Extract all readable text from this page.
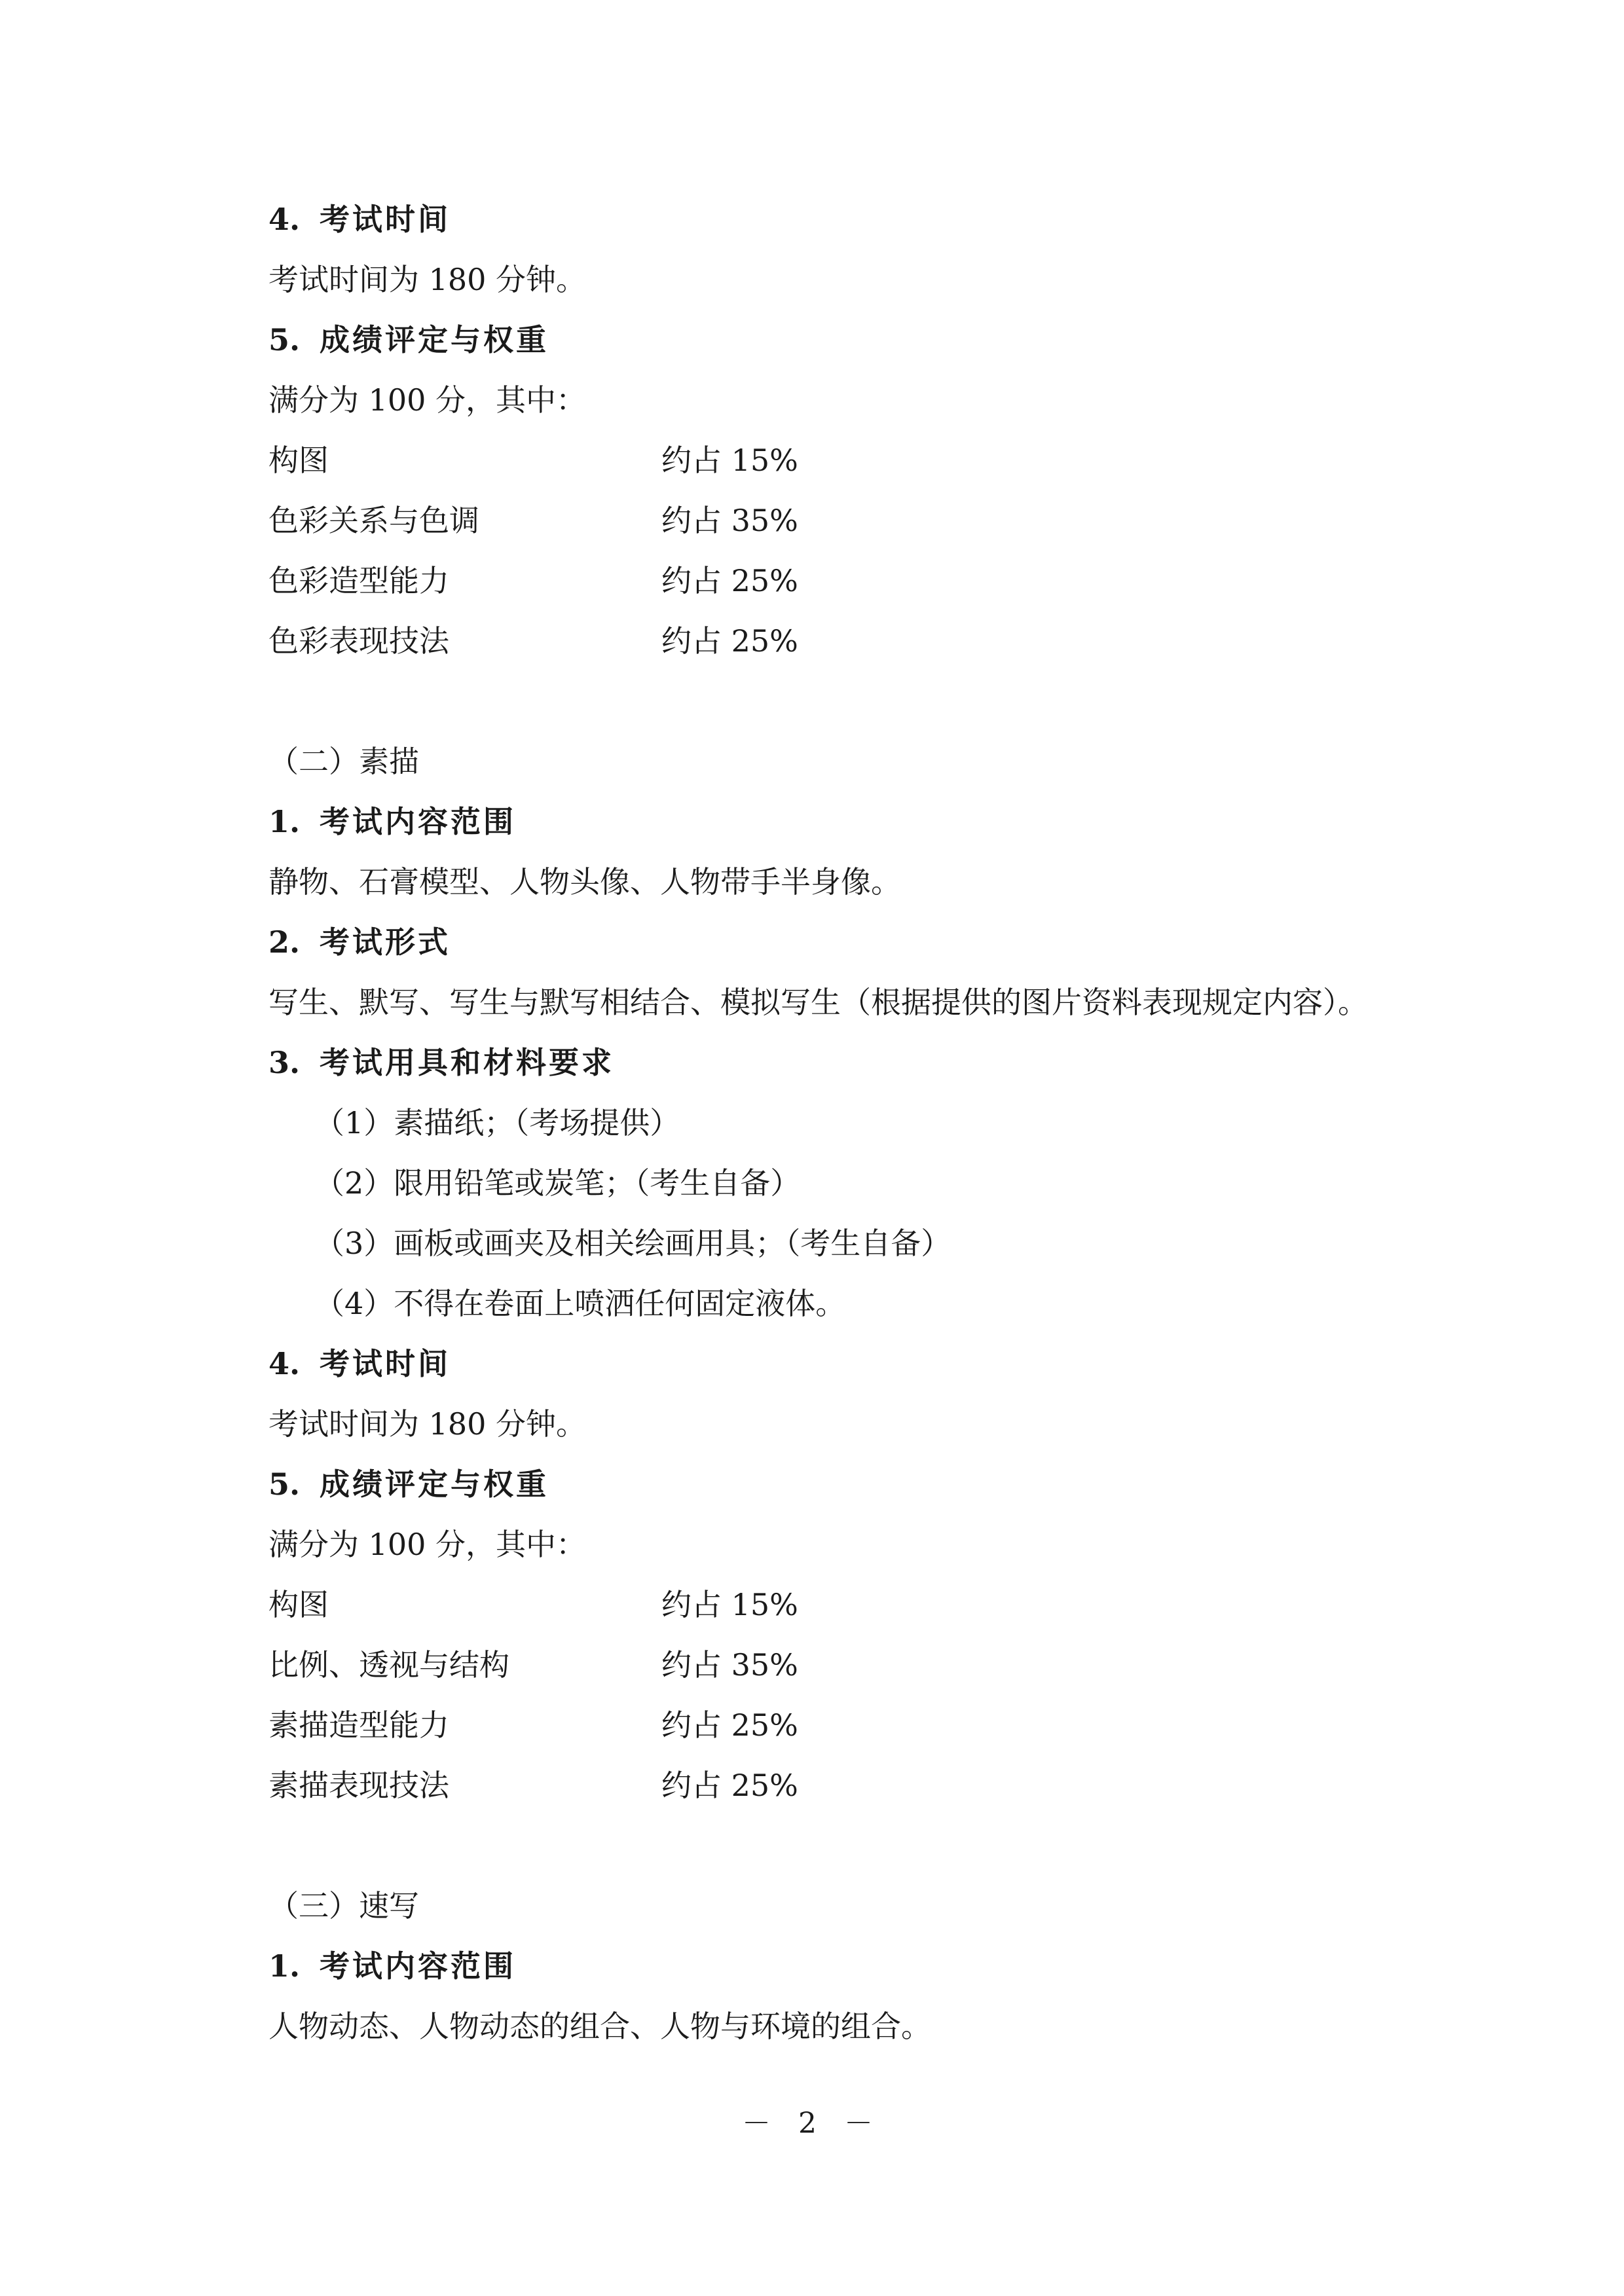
4. 考试时间

考试时间为 180 分钟。

5. 成绩评定与权重

满分为 100 分，其中：

构图	约占 15%
色彩关系与色调	约占 35%
色彩造型能力	约占 25%
色彩表现技法	约占 25%

（二）素描

1. 考试内容范围

静物、石膏模型、人物头像、人物带手半身像。

2. 考试形式

写生、默写、写生与默写相结合、模拟写生（根据提供的图片资料表现规定内容）。

3. 考试用具和材料要求

（1）素描纸；（考场提供）

（2）限用铅笔或炭笔；（考生自备）

（3）画板或画夹及相关绘画用具；（考生自备）

（4）不得在卷面上喷洒任何固定液体。

4. 考试时间

考试时间为 180 分钟。

5. 成绩评定与权重

满分为 100 分，其中：

构图	约占 15%
比例、透视与结构	约占 35%
素描造型能力	约占 25%
素描表现技法	约占 25%

（三）速写

1. 考试内容范围

人物动态、人物动态的组合、人物与环境的组合。

－ 2 －
